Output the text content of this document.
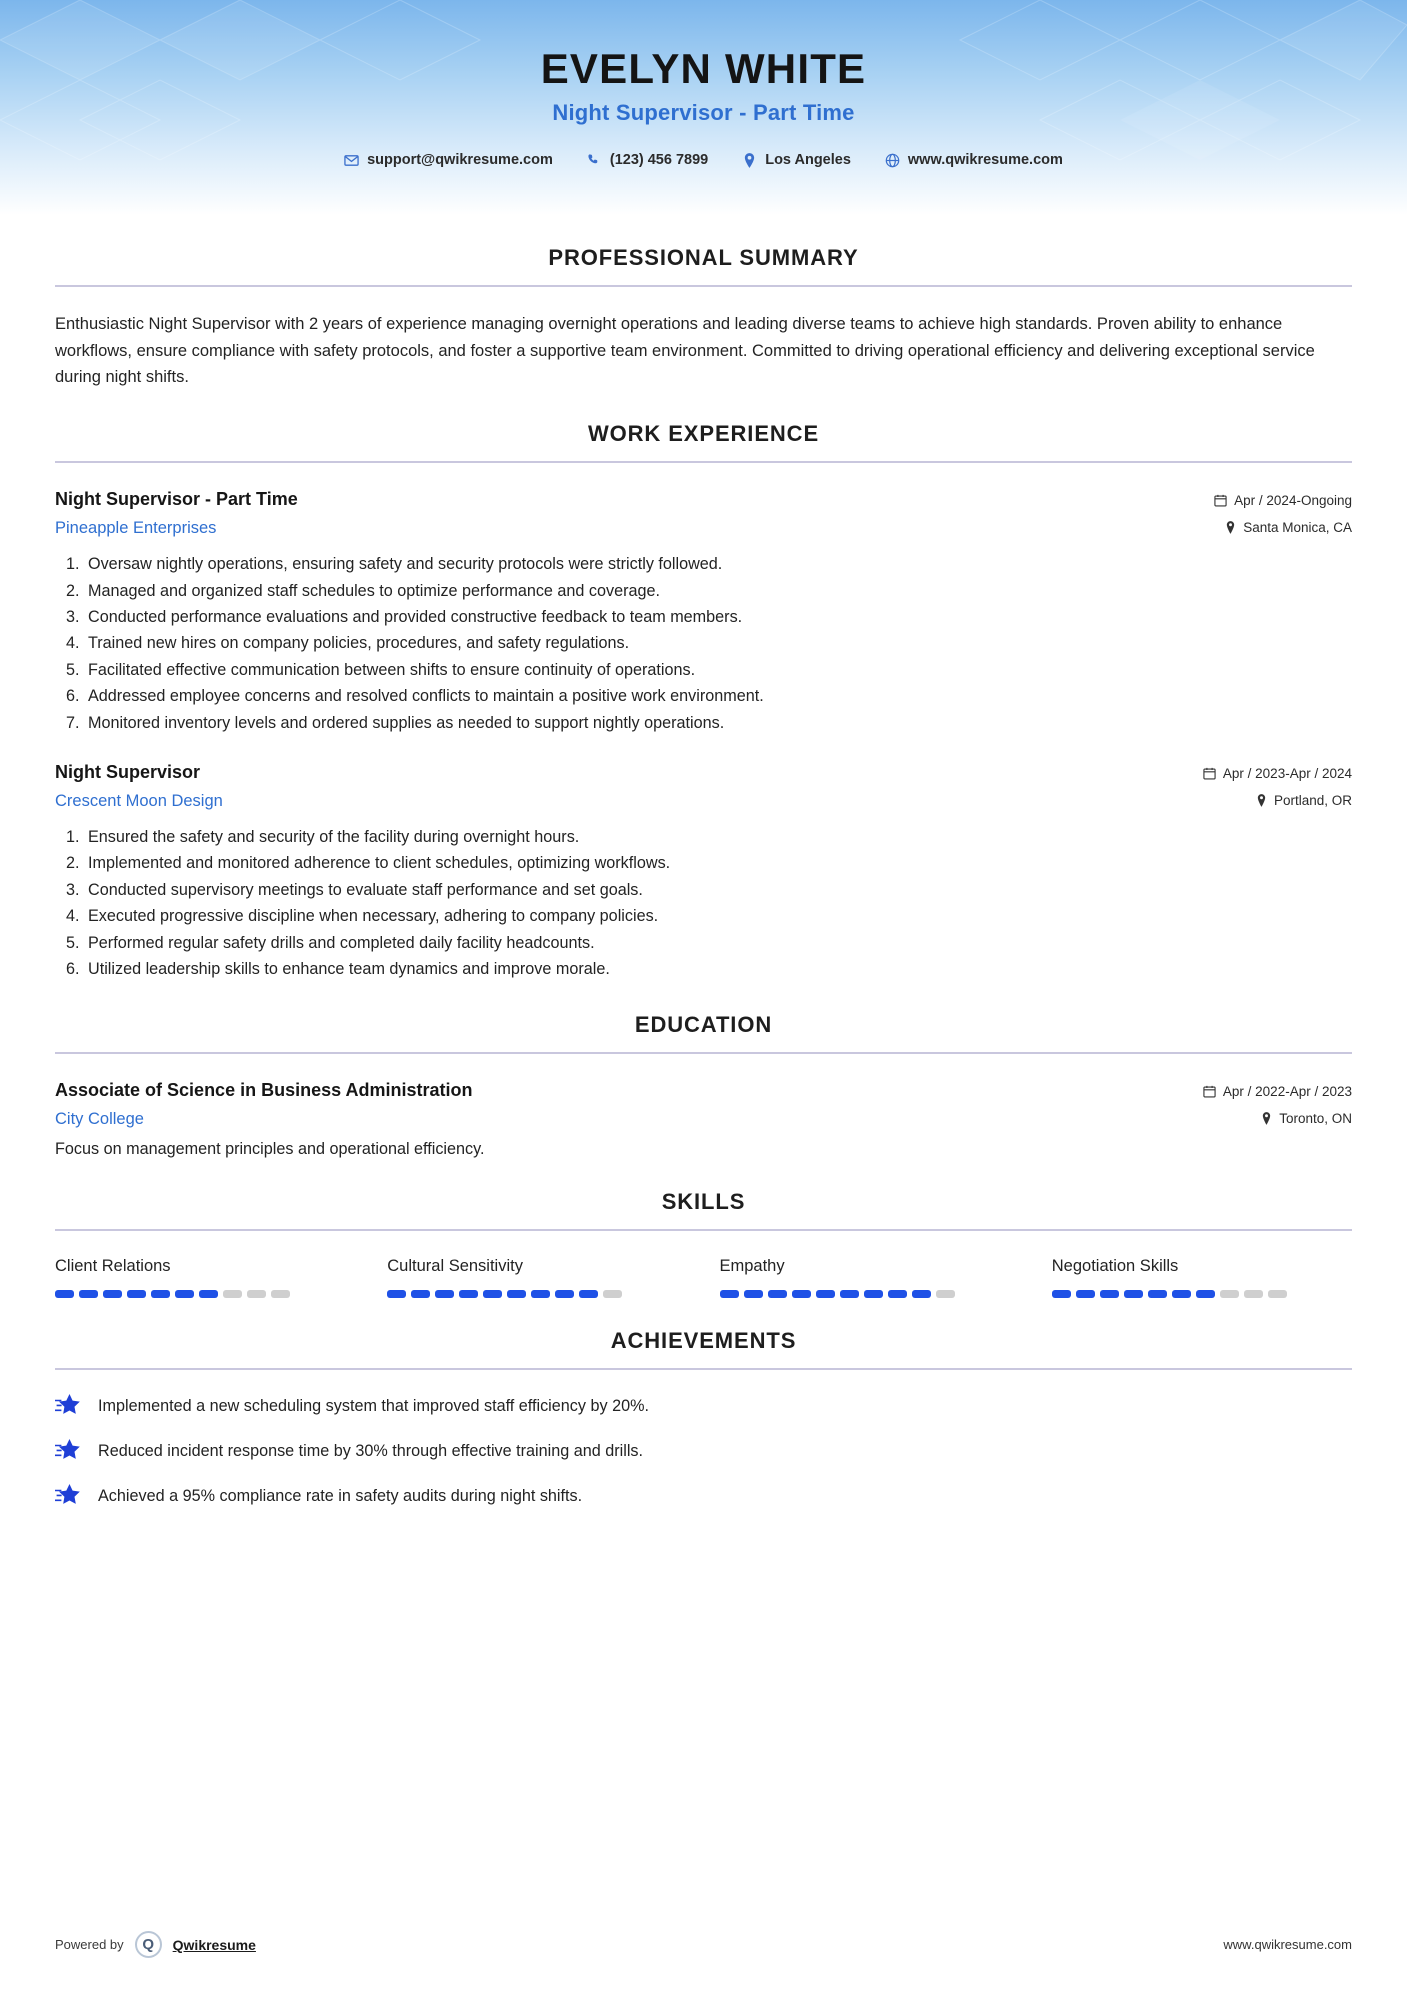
EVELYN WHITE
Night Supervisor - Part Time
support@qwikresume.com	(123) 456 7899	Los Angeles	www.qwikresume.com
PROFESSIONAL SUMMARY

Enthusiastic Night Supervisor with 2 years of experience managing overnight operations and leading diverse teams to achieve high standards. Proven ability to enhance workflows, ensure compliance with safety protocols, and foster a supportive team environment. Committed to driving operational efficiency and delivering exceptional service during night shifts.

WORK EXPERIENCE
Night Supervisor - Part Time
Pineapple Enterprises
Apr / 2024-Ongoing
Santa Monica, CA
1. Oversaw nightly operations, ensuring safety and security protocols were strictly followed.
2. Managed and organized staff schedules to optimize performance and coverage.
3. Conducted performance evaluations and provided constructive feedback to team members.
4. Trained new hires on company policies, procedures, and safety regulations.
5. Facilitated effective communication between shifts to ensure continuity of operations.
6. Addressed employee concerns and resolved conflicts to maintain a positive work environment.
7. Monitored inventory levels and ordered supplies as needed to support nightly operations.
Night Supervisor
Crescent Moon Design
Apr / 2023-Apr / 2024
Portland, OR
1. Ensured the safety and security of the facility during overnight hours.
2. Implemented and monitored adherence to client schedules, optimizing workflows.
3. Conducted supervisory meetings to evaluate staff performance and set goals.
4. Executed progressive discipline when necessary, adhering to company policies.
5. Performed regular safety drills and completed daily facility headcounts.
6. Utilized leadership skills to enhance team dynamics and improve morale.
EDUCATION
Associate of Science in Business Administration
City College
Apr / 2022-Apr / 2023
Toronto, ON
Focus on management principles and operational efficiency.
SKILLS
Client Relations	Cultural Sensitivity	Empathy	Negotiation Skills
ACHIEVEMENTS
Implemented a new scheduling system that improved staff efficiency by 20%.
Reduced incident response time by 30% through effective training and drills.
Achieved a 95% compliance rate in safety audits during night shifts.
Powered by	Q	Qwikresume	www.qwikresume.com
